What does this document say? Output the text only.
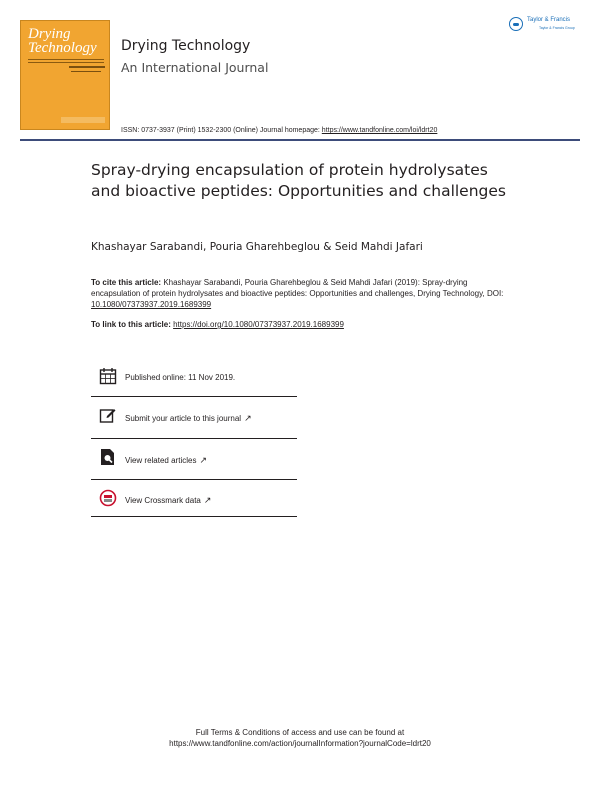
Drying
Technology	Drying Technology
An International Journal
Taylor & Francis
Taylor & Francis Group
ISSN: 0737-3937 (Print) 1532-2300 (Online) Journal homepage: https://www.tandfonline.com/loi/ldrt20
Spray-drying encapsulation of protein hydrolysates and bioactive peptides: Opportunities and challenges
Khashayar Sarabandi, Pouria Gharehbeglou & Seid Mahdi Jafari
To cite this article: Khashayar Sarabandi, Pouria Gharehbeglou & Seid Mahdi Jafari (2019): Spray-drying encapsulation of protein hydrolysates and bioactive peptides: Opportunities and challenges, Drying Technology, DOI: 10.1080/07373937.2019.1689399
To link to this article: https://doi.org/10.1080/07373937.2019.1689399
Published online: 11 Nov 2019.
Submit your article to this journal ↗
View related articles ↗
View Crossmark data ↗
Full Terms & Conditions of access and use can be found at
https://www.tandfonline.com/action/journalInformation?journalCode=ldrt20
